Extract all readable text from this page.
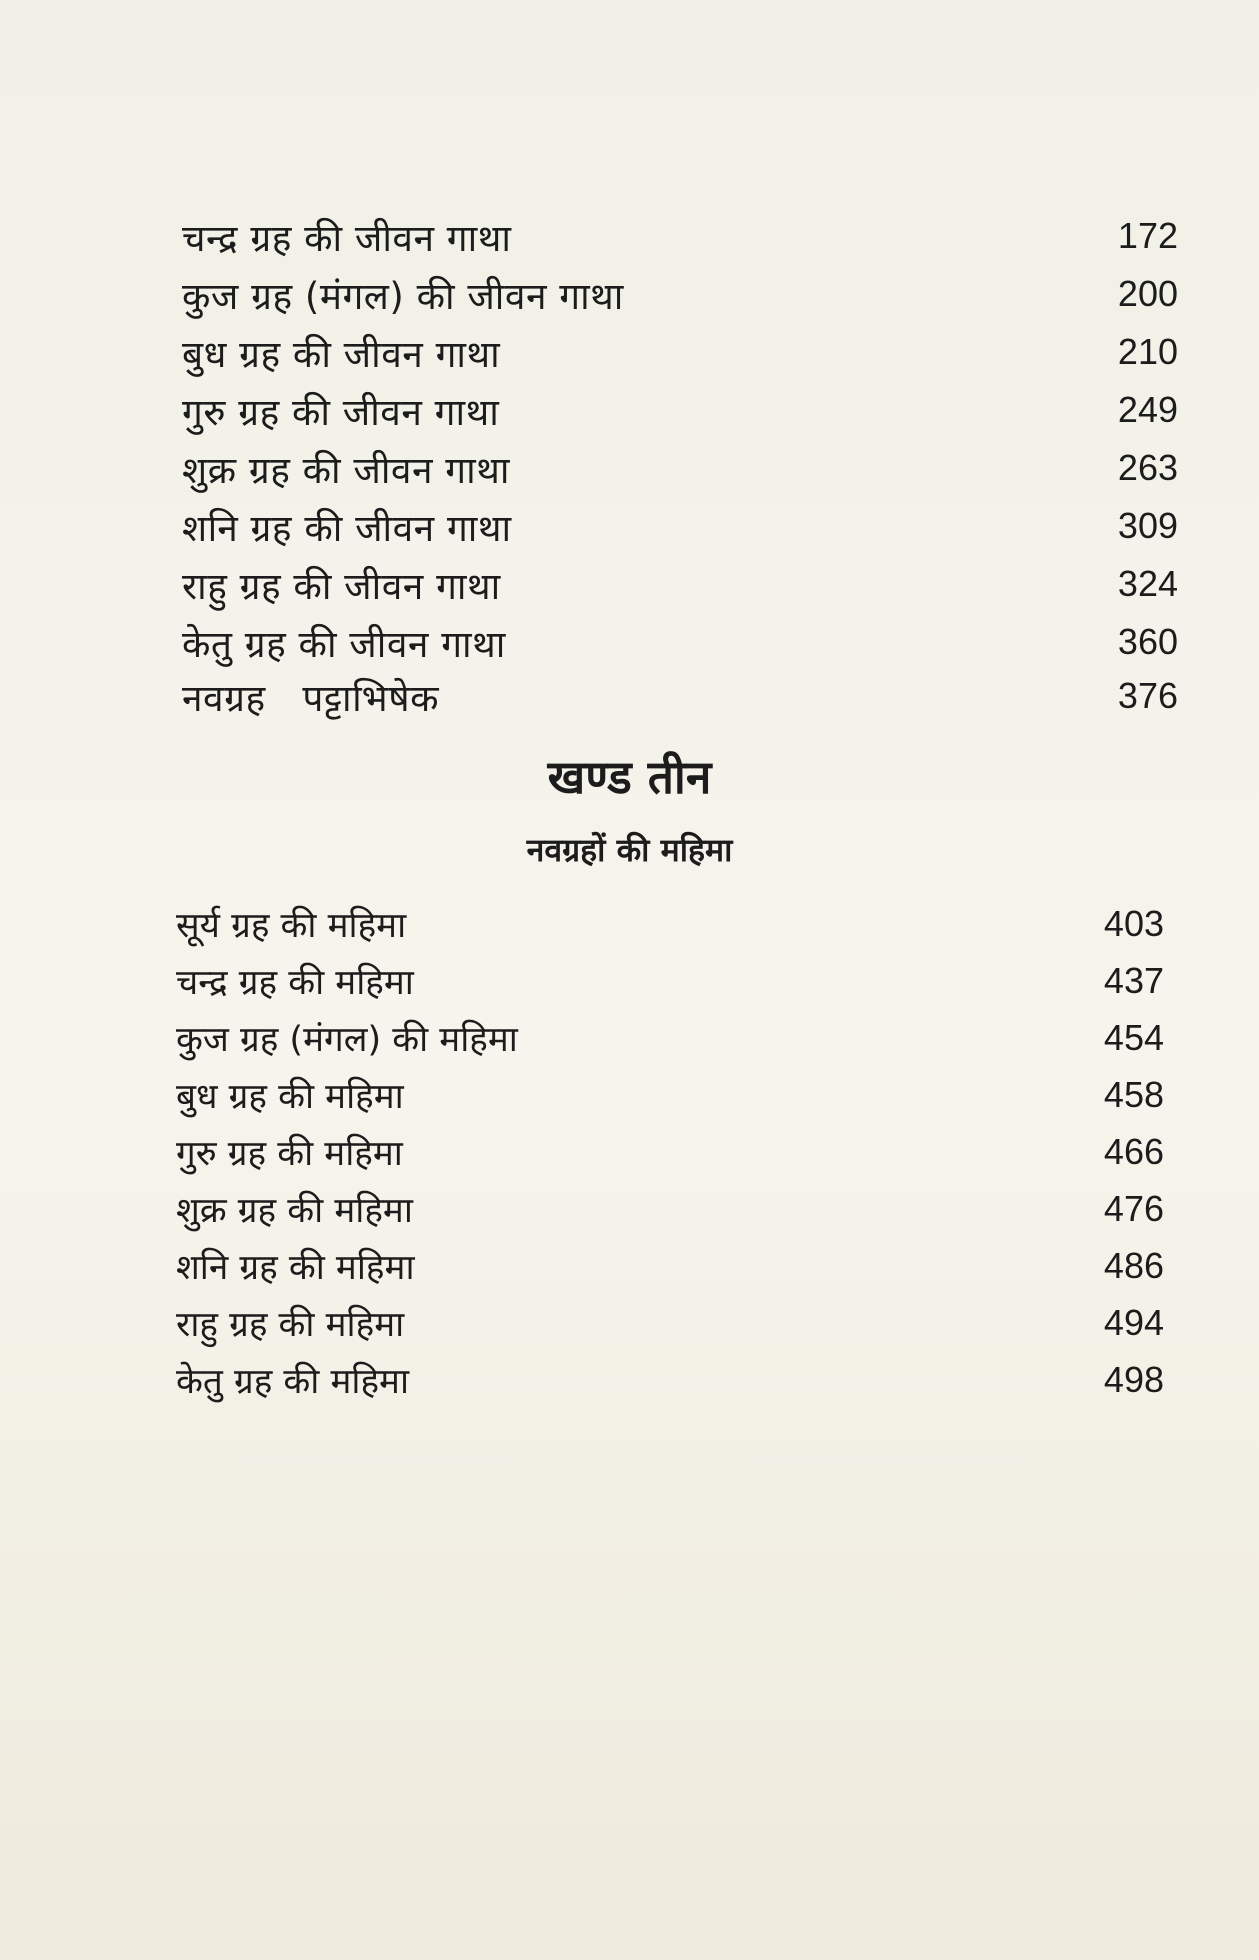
चन्द्र ग्रह की जीवन गाथा	172
कुज ग्रह (मंगल) की जीवन गाथा	200
बुध ग्रह की जीवन गाथा	210
गुरु ग्रह की जीवन गाथा	249
शुक्र ग्रह की जीवन गाथा	263
शनि ग्रह की जीवन गाथा	309
राहु ग्रह की जीवन गाथा	324
केतु ग्रह की जीवन गाथा	360
नवग्रह   पट्टाभिषेक	376
खण्ड तीन
नवग्रहों की महिमा
सूर्य ग्रह की महिमा	403
चन्द्र ग्रह की महिमा	437
कुज ग्रह (मंगल) की महिमा	454
बुध ग्रह की महिमा	458
गुरु ग्रह की महिमा	466
शुक्र ग्रह की महिमा	476
शनि ग्रह की महिमा	486
राहु ग्रह की महिमा	494
केतु ग्रह की महिमा	498
